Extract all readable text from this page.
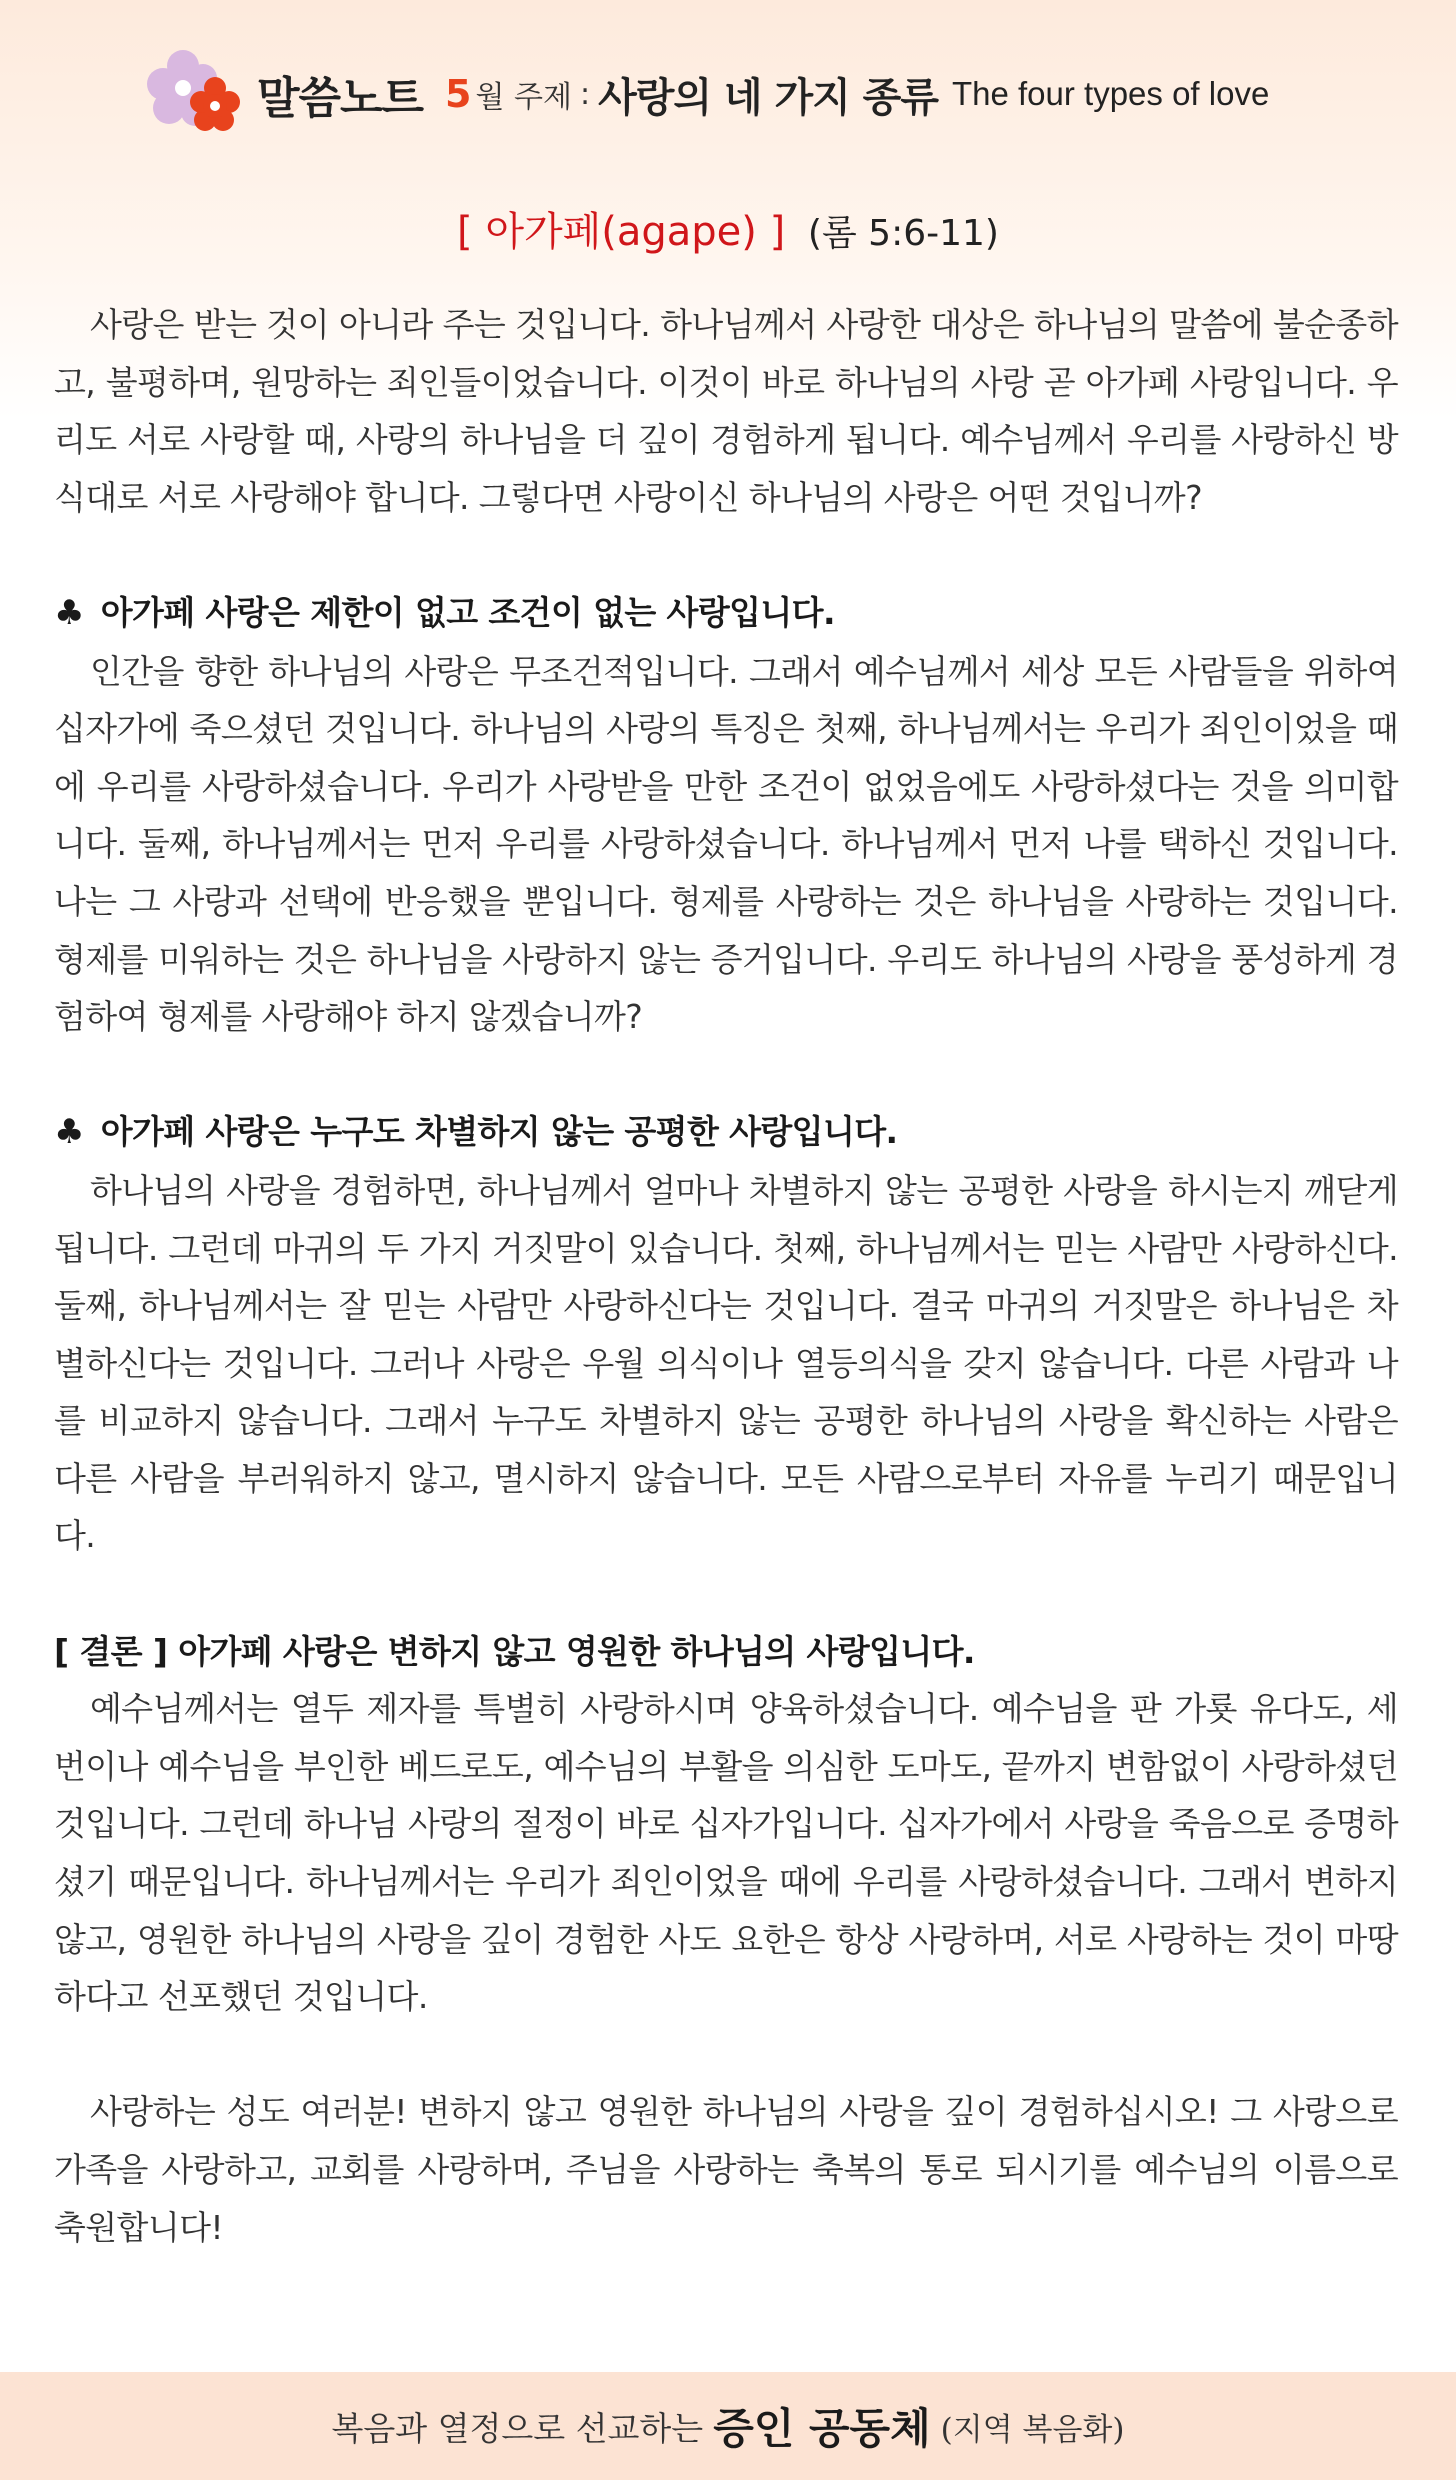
말씀노트 5 월 주제 : 사랑의 네 가지 종류 The four types of love
[ 아가페(agape) ] (롬 5:6-11)

사랑은 받는 것이 아니라 주는 것입니다. 하나님께서 사랑한 대상은 하나님의 말씀에 불순종하고, 불평하며, 원망하는 죄인들이었습니다. 이것이 바로 하나님의 사랑 곧 아가페 사랑입니다. 우리도 서로 사랑할 때, 사랑의 하나님을 더 깊이 경험하게 됩니다. 예수님께서 우리를 사랑하신 방식대로 서로 사랑해야 합니다. 그렇다면 사랑이신 하나님의 사랑은 어떤 것입니까?

♣ 아가페 사랑은 제한이 없고 조건이 없는 사랑입니다.

인간을 향한 하나님의 사랑은 무조건적입니다. 그래서 예수님께서 세상 모든 사람들을 위하여 십자가에 죽으셨던 것입니다. 하나님의 사랑의 특징은 첫째, 하나님께서는 우리가 죄인이었을 때에 우리를 사랑하셨습니다. 우리가 사랑받을 만한 조건이 없었음에도 사랑하셨다는 것을 의미합니다. 둘째, 하나님께서는 먼저 우리를 사랑하셨습니다. 하나님께서 먼저 나를 택하신 것입니다. 나는 그 사랑과 선택에 반응했을 뿐입니다. 형제를 사랑하는 것은 하나님을 사랑하는 것입니다. 형제를 미워하는 것은 하나님을 사랑하지 않는 증거입니다. 우리도 하나님의 사랑을 풍성하게 경험하여 형제를 사랑해야 하지 않겠습니까?

♣ 아가페 사랑은 누구도 차별하지 않는 공평한 사랑입니다.

하나님의 사랑을 경험하면, 하나님께서 얼마나 차별하지 않는 공평한 사랑을 하시는지 깨닫게 됩니다. 그런데 마귀의 두 가지 거짓말이 있습니다. 첫째, 하나님께서는 믿는 사람만 사랑하신다. 둘째, 하나님께서는 잘 믿는 사람만 사랑하신다는 것입니다. 결국 마귀의 거짓말은 하나님은 차별하신다는 것입니다. 그러나 사랑은 우월 의식이나 열등의식을 갖지 않습니다. 다른 사람과 나를 비교하지 않습니다. 그래서 누구도 차별하지 않는 공평한 하나님의 사랑을 확신하는 사람은 다른 사람을 부러워하지 않고, 멸시하지 않습니다. 모든 사람으로부터 자유를 누리기 때문입니다.

[ 결론 ] 아가페 사랑은 변하지 않고 영원한 하나님의 사랑입니다.

예수님께서는 열두 제자를 특별히 사랑하시며 양육하셨습니다. 예수님을 판 가룟 유다도, 세 번이나 예수님을 부인한 베드로도, 예수님의 부활을 의심한 도마도, 끝까지 변함없이 사랑하셨던 것입니다. 그런데 하나님 사랑의 절정이 바로 십자가입니다. 십자가에서 사랑을 죽음으로 증명하셨기 때문입니다. 하나님께서는 우리가 죄인이었을 때에 우리를 사랑하셨습니다. 그래서 변하지 않고, 영원한 하나님의 사랑을 깊이 경험한 사도 요한은 항상 사랑하며, 서로 사랑하는 것이 마땅하다고 선포했던 것입니다.

사랑하는 성도 여러분! 변하지 않고 영원한 하나님의 사랑을 깊이 경험하십시오! 그 사랑으로 가족을 사랑하고, 교회를 사랑하며, 주님을 사랑하는 축복의 통로 되시기를 예수님의 이름으로 축원합니다!

복음과 열정으로 선교하는 증인 공동체 (지역 복음화)
